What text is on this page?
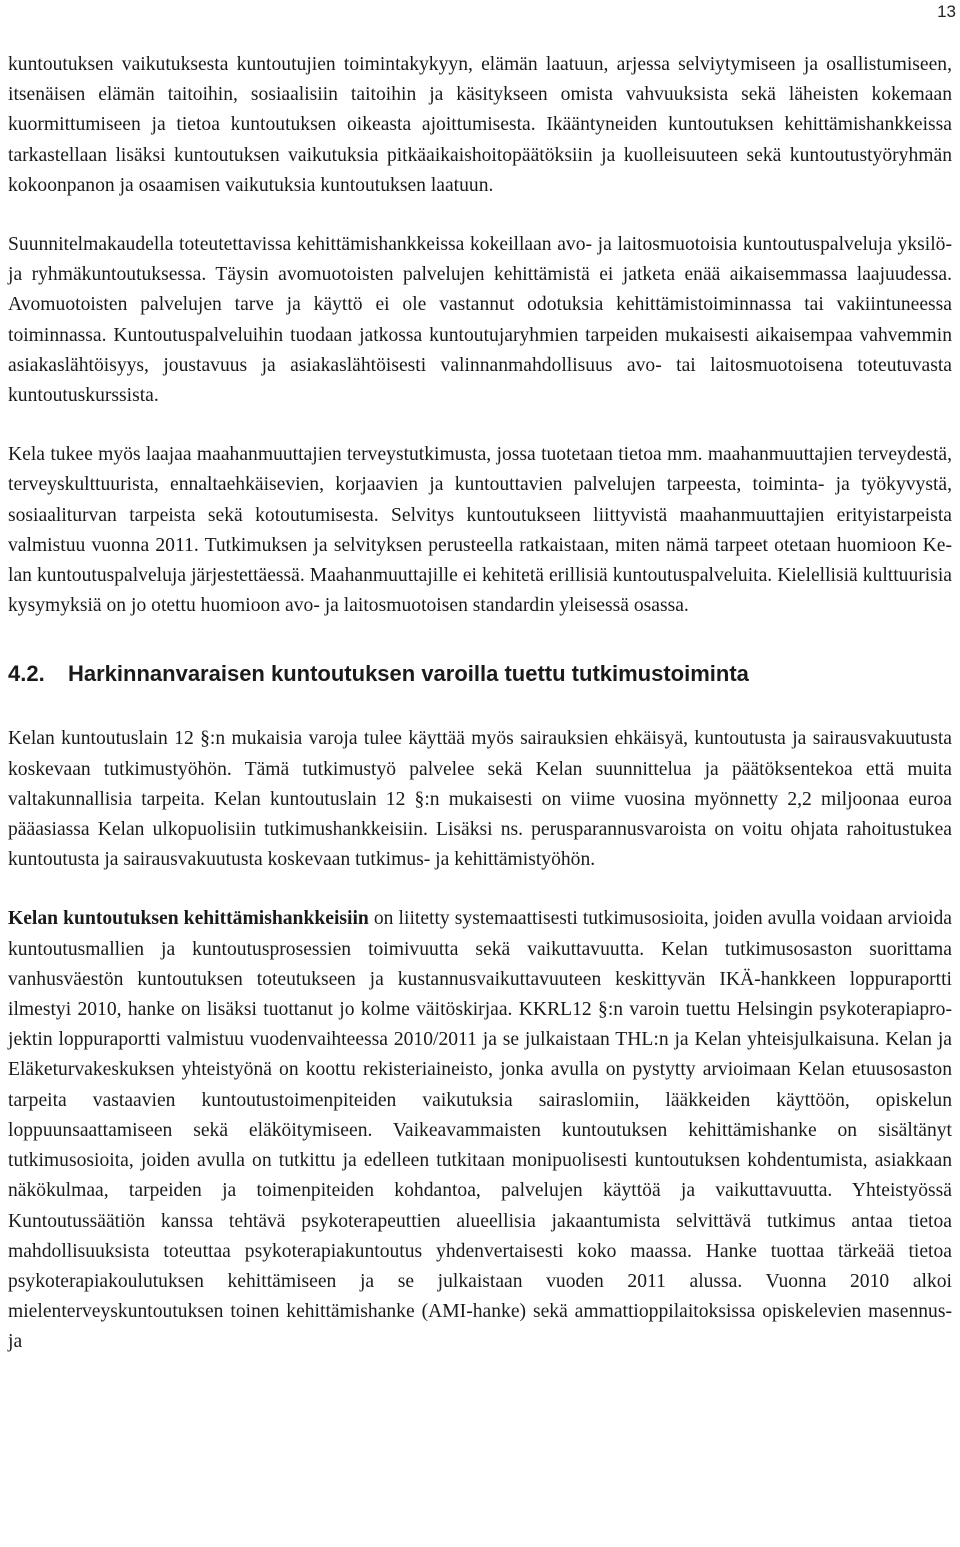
13

kuntoutuksen vaikutuksesta kuntoutujien toimintakykyyn, elämän laatuun, arjessa selviytymiseen ja osallistumiseen, itsenäisen elämän taitoihin, sosiaalisiin taitoihin ja käsitykseen omista vahvuuksista sekä läheisten kokemaan kuormittumiseen ja tietoa kuntoutuksen oikeasta ajoittumisesta. Ikääntyneiden kuntoutuksen kehittämishankkeissa tarkastellaan lisäksi kuntoutuksen vaikutuksia pitkäaikaishoitopäätöksiin ja kuolleisuuteen sekä kuntoutustyöryhmän kokoonpanon ja osaamisen vaikutuksia kuntoutuksen laatuun.

Suunnitelmakaudella toteutettavissa kehittämishankkeissa kokeillaan avo- ja laitosmuotoisia kuntoutuspalveluja yksilö- ja ryhmäkuntoutuksessa. Täysin avomuotoisten palvelujen kehittämistä ei jatketa enää aikaisemmassa laajuudessa. Avomuotoisten palvelujen tarve ja käyttö ei ole vastannut odotuksia kehittämistoiminnassa tai vakiintuneessa toiminnassa. Kuntoutuspalveluihin tuodaan jatkossa kuntoutujaryhmien tarpeiden mukaisesti aikaisempaa vahvemmin asiakaslähtöisyys, joustavuus ja asiakaslähtöisesti valinnanmahdollisuus avo- tai laitosmuotoisena toteutuvasta kuntoutuskurssista.

Kela tukee myös laajaa maahanmuuttajien terveystutkimusta, jossa tuotetaan tietoa mm. maahanmuuttajien terveydestä, terveyskulttuurista, ennaltaehkäisevien, korjaavien ja kuntouttavien palvelujen tarpeesta, toiminta- ja työkyvystä, sosiaaliturvan tarpeista sekä kotoutumisesta. Selvitys kuntoutukseen liittyvistä maahanmuuttajien erityistarpeista valmistuu vuonna 2011. Tutkimuksen ja selvityksen perusteella ratkaistaan, miten nämä tarpeet otetaan huomioon Kelan kuntoutuspalveluja järjestettäessä. Maahanmuuttajille ei kehitetä erillisiä kuntoutuspalveluita. Kielellisiä kulttuurisia kysymyksiä on jo otettu huomioon avo- ja laitosmuotoisen standardin yleisessä osassa.

4.2.	Harkinnanvaraisen kuntoutuksen varoilla tuettu tutkimustoiminta

Kelan kuntoutuslain 12 §:n mukaisia varoja tulee käyttää myös sairauksien ehkäisyä, kuntoutusta ja sairausvakuutusta koskevaan tutkimustyöhön. Tämä tutkimustyö palvelee sekä Kelan suunnittelua ja päätöksentekoa että muita valtakunnallisia tarpeita. Kelan kuntoutuslain 12 §:n mukaisesti on viime vuosina myönnetty 2,2 miljoonaa euroa pääasiassa Kelan ulkopuolisiin tutkimushankkeisiin. Lisäksi ns. perusparannusvaroista on voitu ohjata rahoitustukea kuntoutusta ja sairausvakuutusta koskevaan tutkimus- ja kehittämistyöhön.

Kelan kuntoutuksen kehittämishankkeisiin on liitetty systemaattisesti tutkimusosioita, joiden avulla voidaan arvioida kuntoutusmallien ja kuntoutusprosessien toimivuutta sekä vaikuttavuutta. Kelan tutkimusosaston suorittama vanhusväestön kuntoutuksen toteutukseen ja kustannusvaikuttavuuteen keskittyvän IKÄ-hankkeen loppuraportti ilmestyi 2010, hanke on lisäksi tuottanut jo kolme väitöskirjaa. KKRL12 §:n varoin tuettu Helsingin psykoterapiaprojektin loppuraportti valmistuu vuodenvaihteessa 2010/2011 ja se julkaistaan THL:n ja Kelan yhteisjulkaisuna. Kelan ja Eläketurvakeskuksen yhteistyönä on koottu rekisteriaineisto, jonka avulla on pystytty arvioimaan Kelan etuusosaston tarpeita vastaavien kuntoutustoimenpiteiden vaikutuksia sairaslomiin, lääkkeiden käyttöön, opiskelun loppuunsaattamiseen sekä eläköitymiseen. Vaikeavammaisten kuntoutuksen kehittämishanke on sisältänyt tutkimusosioita, joiden avulla on tutkittu ja edelleen tutkitaan monipuolisesti kuntoutuksen kohdentumista, asiakkaan näkökulmaa, tarpeiden ja toimenpiteiden kohdantoa, palvelujen käyttöä ja vaikuttavuutta. Yhteistyössä Kuntoutussäätiön kanssa tehtävä psykoterapeuttien alueellisia jakaantumista selvittävä tutkimus antaa tietoa mahdollisuuksista toteuttaa psykoterapiakuntoutus yhdenvertaisesti koko maassa. Hanke tuottaa tärkeää tietoa psykoterapiakoulutuksen kehittämiseen ja se julkaistaan vuoden 2011 alussa. Vuonna 2010 alkoi mielenterveyskuntoutuksen toinen kehittämishanke (AMI-hanke) sekä ammattioppilaitoksissa opiskelevien masennus- ja
